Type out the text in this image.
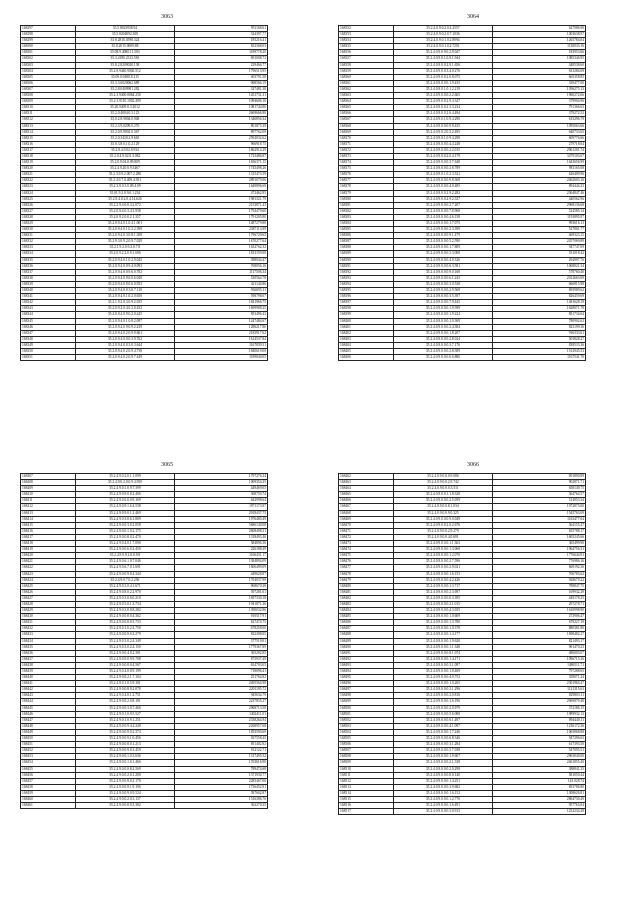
3063
168297	35.5.8023958.94	951168.61
168298	35.5.8204892.308	324397.77
168299	35.8.2810.0598.324	185216.41
168300	35.8.2015.0009.88	652368.03
168301	35.08.9.4080.11.583	1189778.20
168302	35.3.4180.2313.565	691008.73
168303	35.8.2.8209020.138	229466.77
168304	35.2.0.9440.9046.512	1796513.95
168305	35.09.0.9480.8.215	403791.58
168306	35.3.3.6020062.689	968566.19
168307	35.2.8.0409981.282	327481.38
168308	35.2.3.9400.8064.230	1451731.31
168309	35.2.3.9110.1002.409	1094606.16
168310	35.20.9409.0.3.2012	1081744.86
168311	35.2.0.4004.0.3.123	2669666.80
168312	35.0.2.8.9004.0.948	1346856.34
168313	35.2.3.9.0209.0.276	801875.39
168314	35.2.0.9.9002.0.367	897762.09
168315	35.2.0.3420.2.9.665	2592032.62
168316	35.0.3.8.0.1.0.2.129	966918.75
168317	35.2.8.4.9.02.8.934	1862914.29
168318	35.2.0.4.9.02.0.3.082	1723486.87
168319	35.2.0.9.04.0.09.809	1656371.15
168320	35.2.4.0.20.0.9.3467	1745498.26
168321	35.2.3.9.9.2.007.2.280	1315473.59
168322	35.2.4.0.7.0.409.4.931	2891079.06
168323	35.2.3.9.0.3.0.09.4.09	1649896.69
168324	35.01.9.2.0.9.0.1.234	472462.85
168325	35.2.9.4.0.2.0.4.14.626	1981321.79
168326	35.2.2.9.4.0.0.3.2.072	2153871.43
168327	35.2.0.9.4.0.3.4.3.938	1794479.60
168328	35.2.0.9.2.0.0.2.1.357	1791205.80
168329	35.2.0.9.4.0.1.0.4.1.001	1487279.88
168330	35.2.0.9.4.0.1.0.2.2.399	2387113.99
168331	35.2.0.9.4.0.3.0.8.1.308	1796729.65
168332	35.2.9.3.0.9.2.0.9.7.029	1670277.64
168333	35.2.1.9.2.0.9.2.0.7.8	1632762.32
168334	35.2.0.9.2.2.0.9.1.696	1813159.00
168335	35.2.0.9.4.0.1.0.2.9.045	398944.47
168336	35.2.0.9.4.0.0.9.4.0.093	768056.16
168337	35.2.0.9.4.0.0.9.6.0.782	1117506.34
168338	35.2.0.9.4.0.9.0.0.6.049	530564.78
168339	35.2.0.9.4.0.9.0.6.0.953	421144.86
168340	35.2.0.9.4.0.0.3.0.7.110	936095.11
168341	35.2.0.9.4.0.1.0.2.0.650	598798.07
168342	35.2.1.9.2.0.3.0.9.2.035	1841966.75
168343	35.2.0.9.2.0.4.0.2.0.452	1699988.25
168344	35.2.0.9.4.0.9.0.2.0.245	853496.43
168345	35.2.0.9.4.0.1.0.8.2.097	1247484.67
168346	35.2.0.9.4.0.9.0.9.2.239	1286217.86
168347	35.2.0.9.4.0.2.0.9.9.661	2185917.62
168348	35.2.0.9.4.0.0.0.3.9.762	1614537.84
168349	35.2.0.9.4.0.0.3.0.3.644	1167839.31
168350	35.2.0.9.4.0.2.0.9.4.738	1840619.00
168351	35.2.0.9.4.0.2.0.9.7.449	1189840.05
3064
168352	35.2.4.0.9.0.2.0.4.2557	627986.90
168353	35.2.4.0.9.0.2.0.7.1036	1003638.97
168354	35.2.4.0.9.0.1.0.2.8094	1265784.04
168355	35.2.4.0.9.0.1.0.2.7201	1130033.16
168356	35.2.4.0.9.0.9.0.2.9.047	183953.06
168357	35.2.4.0.9.0.1.0.9.1.944	1085346.95
168358	35.2.4.0.9.0.0.2.9.1.656	348538.60
168359	35.2.4.0.9.0.0.3.4.0.276	631284.69
168360	35.2.4.0.9.0.0.2.0.8.075	665358.85
168361	35.2.4.0.9.0.0.0.1.9.435	339477.00
168362	35.2.4.0.9.0.1.0.1.2.219	1396275.13
168363	35.2.4.0.9.0.0.0.2.2.665	1960272.66
168364	35.2.4.0.9.0.0.2.9.4.347	379904.96
168365	35.2.4.0.9.0.0.2.3.3.234	791366.63
168366	35.2.4.0.9.0.0.2.6.4.494	379272.52
168367	35.2.4.0.9.0.1.0.9.4.290	615296.79
168368	35.2.4.0.9.0.0.0.9.9.435	1095063.66
168369	35.2.4.0.9.0.2.0.3.2.495	640733.65
168370	35.2.4.0.9.0.1.0.9.4.298	609776.66
168371	35.2.4.0.9.0.0.0.4.4.248	279718.04
168372	35.2.4.0.9.0.0.0.2.2.015	2961201.74
168373	35.2.4.0.9.0.0.2.0.4.179	3479103.67
168374	35.2.4.0.9.0.0.0.3.7.648	1643656.99
168375	35.2.4.0.9.0.0.0.2.8.789	981165.08
168376	35.2.4.0.9.0.1.0.2.3.521	626409.96
168377	35.2.4.0.9.0.0.0.9.8.368	2462603.16
168378	35.2.4.0.9.0.0.0.4.0.485	894444.23
168379	35.2.4.0.9.0.0.2.9.2.282	2364847.46
168380	35.2.4.0.9.0.0.2.9.2.337	440562.96
168381	35.2.4.0.9.0.0.0.2.7.207	2968136.68
168382	35.2.4.0.9.0.0.0.7.8.968	524585.14
168383	35.2.4.0.9.0.0.0.4.6.158	1193895.97
168384	35.2.4.0.9.0.0.0.1.7.075	993616.13
168385	35.2.4.0.9.0.0.0.2.3.399	527801.77
168386	35.2.4.0.9.0.0.0.9.1.479	469323.15
168387	35.2.4.0.9.0.0.0.5.2.590	2457069.89
168388	35.2.4.0.9.0.0.0.1.7.809	947747.09
168389	35.2.4.0.9.0.0.0.3.3.008	531018.42
168390	35.2.4.0.9.0.0.0.4.0.326	294997.76
168391	35.2.4.0.9.0.0.0.6.3.581	1068821.34
168392	35.2.4.0.9.0.0.0.9.0.168	578760.40
168393	35.2.4.0.9.0.0.0.6.1.243	2012663.69
168394	35.2.4.0.9.0.0.0.3.0.538	666815.98
168395	35.2.4.0.9.0.0.0.2.9.568	695989.62
168396	35.2.4.0.9.0.0.0.3.5.397	826459.69
168397	35.2.4.0.9.0.0.0.7.9.445	1481628.19
168398	35.2.4.0.9.0.0.0.1.9.599	1628071.78
168399	35.2.4.0.9.0.0.0.1.9.224	851734.64
168400	35.2.4.0.9.0.0.0.1.0.369	780902.62
168401	35.2.4.0.9.0.0.0.2.4.384	823199.36
168402	35.2.4.0.9.0.0.0.1.8.207	916333.61
168403	35.2.4.0.9.0.0.0.2.8.024	503828.27
168404	35.2.4.0.9.0.0.0.3.7.176	838533.36
168405	35.2.4.0.9.0.0.0.2.8.389	1512945.53
168406	35.2.4.0.9.0.0.0.6.6.886	1167541.70
3065
168407	35.2.4.9.0.2.0.1.1.099	1797276.24
168408	35.2.4.9.0.2.0.0.9.4.950	1009354.25
168409	35.2.4.9.0.1.0.9.7.399	449469.05
168410	35.2.4.9.0.9.0.0.2.406	368759.74
168411	35.2.4.9.0.6.0.0.9.169	642998.64
168412	35.2.4.9.0.9.1.6.4.538	1971173.97
168413	35.2.4.9.0.9.0.1.2.469	2018437.75
168414	35.2.4.9.0.3.0.6.1.809	1976480.49
168415	35.2.4.9.0.0.3.0.2.058	5686140.08
168416	35.2.4.9.0.0.1.0.2.175	2608498.21
168417	35.2.4.9.0.0.8.0.2.470	1318493.46
168418	35.2.4.9.0.4.0.1.7.090	384896.36
168419	35.2.4.9.0.0.6.0.2.450	226188.49
168420	35.2.4.9.0.9.2.0.0.9.8	1166431.17
168421	35.2.4.9.0.6.1.0.7.046	1384894.09
168422	35.2.4.9.0.6.7.0.1.691	1606499.09
168423	35.2.4.9.0.0.9.0.4.344	449628.87
168424	35.2.4.9.0.7.0.2.256	1704037.99
168425	35.2.4.9.0.3.0.4.1.671	968670.28
168426	35.2.4.9.0.8.0.2.2.970	397281.61
168427	35.2.4.9.0.3.0.6.0.210	1697330.18
168428	35.2.4.9.0.5.0.1.3.734	1941871.26
168429	35.2.4.9.0.3.0.0.8.282	1390032.86
168430	35.2.4.9.0.0.8.0.4.362	910517.91
168431	35.2.4.9.0.0.8.0.3.733	627474.75
168432	35.2.4.9.0.1.0.2.4.750	678258.00
168433	35.2.4.9.0.0.9.0.2.279	822308.05
168434	35.2.4.9.0.3.0.2.4.349	377519.01
168435	35.2.4.9.0.3.0.2.4.150	1779367.89
168436	35.2.4.9.0.0.4.0.2.301	365202.85
168437	35.2.4.9.0.9.0.9.9.708	875937.49
168438	35.2.4.9.0.0.8.0.4.567	654703.05
168439	35.2.4.9.0.2.0.0.9.199	718096.41
168440	35.2.4.9.0.0.2.1.7.104	251764.82
168441	35.2.4.9.0.1.0.5.9.101	2495564.98
168442	35.2.4.9.0.0.8.9.2.078	2201195.72
168443	35.2.4.9.0.2.0.1.2.751	945634.79
168444	35.2.4.9.0.0.2.0.8.191	2237835.27
168445	35.2.4.9.0.0.3.0.7.466	2968713.58
168446	35.2.4.9.0.1.0.9.5.527	1402411.01
168447	35.2.4.9.0.1.0.9.1.251	2338264.94
168448	35.2.4.9.0.0.9.4.2.240	2268957.68
168449	35.2.4.9.0.0.9.0.2.374	1855590.69
168450	35.2.4.9.0.0.9.1.0.456	927558.45
168451	35.2.4.9.0.0.8.0.1.213	851402.82
168452	35.2.4.9.0.0.9.0.3.459	912122.71
168453	35.2.4.9.0.0.1.0.3.636	1317495.52
168454	35.2.4.9.0.0.1.0.1.466	1763616.90
168455	35.2.4.9.0.0.0.8.2.569	789474.68
168456	35.2.4.9.0.0.2.0.1.200	1371930.77
168457	35.2.4.9.0.0.9.0.2.170	2285467.06
168458	35.2.4.9.0.0.9.1.9.196	1736452.91
168459	35.2.4.9.0.0.9.0.9.524	397602.87
168460	35.2.4.9.0.0.2.0.3.137	1516386.76
168461	35.2.4.9.0.0.8.0.3.382	362270.35
3066
168462	35.2.4.0.9.0.0.0.9.086	691890.89
168463	35.2.4.0.9.0.0.2.9.742	902871.71
168464	35.2.4.0.9.0.0.0.3.511	658149.75
168465	35.2.4.0.9.0.0.1.1.8.328	364764.57
168466	35.2.4.0.9.0.0.0.2.5.059	514953.34
168467	35.2.4.0.9.0.0.8.1.034	1972875.00
168468	35.2.4.0.9.0.0.9.0.325	1545763.09
168469	35.2.4.0.9.0.0.0.9.0.049	1163477.04
168470	35.2.4.0.9.0.0.2.0.2.676	364155.47
168471	35.2.4.0.9.0.0.2.9.279	655788.17
168472	35.2.4.0.9.0.0.4.0.691	1605245.66
168473	35.2.4.0.9.0.0.0.1.1.363	365499.90
168474	35.2.4.0.9.0.0.0.1.3.068	1964756.31
168475	35.2.4.0.9.0.0.0.1.2.070	1776644.91
168476	35.2.4.0.9.0.0.0.2.7.596	776986.16
168477	35.2.4.0.9.0.0.0.2.9.021	669192.36
168478	35.2.4.0.9.0.0.0.1.6.153	706783.62
168479	35.2.4.0.9.0.0.0.4.2.426	928679.22
168480	35.2.4.0.9.0.0.0.1.3.717	788847.75
168481	35.2.4.0.9.0.0.0.2.3.697	169932.29
168482	35.2.4.0.9.0.0.0.0.3.395	449178.25
168483	35.2.4.0.9.0.0.0.2.1.015	297278.71
168484	35.2.4.0.9.0.0.0.4.3.035	1610998.90
168485	35.2.4.0.9.0.0.0.1.0.609	473906.47
168486	35.2.4.0.9.0.0.0.1.3.780	679227.19
168487	35.2.4.0.9.0.0.0.1.0.378	880381.80
168488	35.2.4.0.9.0.0.0.1.4.177	1698482.27
168489	35.2.4.0.9.0.0.0.1.9.620	821493.17
168490	35.2.4.0.9.0.0.0.1.1.348	961470.23
168491	35.2.4.0.9.0.0.0.8.1.074	486003.07
168492	35.2.4.0.9.0.0.0.1.4.171	1096715.26
168493	35.2.4.0.9.0.0.0.3.1.097	1486511.71
168494	35.2.4.0.9.0.0.0.1.8.469	797288.65
168495	35.2.4.0.9.0.0.0.4.0.752	358071.24
168496	35.2.4.0.9.0.0.0.1.0.265	2301964.47
168497	35.2.4.0.9.0.0.0.2.1.296	1121315.63
168498	35.2.4.0.9.0.0.0.2.0.816	829803.11
168499	35.2.4.0.9.0.0.0.1.6.196	2969879.40
168500	35.2.4.0.9.0.0.0.2.0.979	372186.15
168501	35.2.4.0.9.0.0.0.5.6.088	1989932.13
168502	35.2.4.0.9.0.0.0.6.1.497	894440.11
168503	35.2.4.0.9.0.0.0.4.1.097	1236172.36
168504	35.2.4.0.9.0.0.0.1.7.246	1065868.88
168505	35.2.4.0.9.0.0.0.6.8.346	947296.63
168506	35.2.4.0.9.0.0.0.3.1.284	617393.50
168507	35.2.4.0.9.0.0.0.3.7.038	547095.51
168508	35.2.4.0.9.0.0.0.1.9.607	2963040.00
168509	35.2.4.0.9.0.0.0.2.1.338	2461855.40
168510	35.2.4.0.9.0.0.0.2.0.298	388841.35
168511	35.2.4.0.9.0.0.0.8.0.140	581050.44
168512	35.2.4.0.9.0.0.0.1.4.251	143.028.74
168513	35.2.4.0.9.0.0.0.3.9.682	693786.80
168514	35.2.4.0.9.0.0.0.1.6.152	1308626.81
168515	35.2.4.0.9.0.0.0.1.2.776	2864730.49
168516	35.2.4.0.9.0.0.0.1.6.491	957763.04
168517	35.2.4.0.9.0.0.0.3.0.913	1252234.49
